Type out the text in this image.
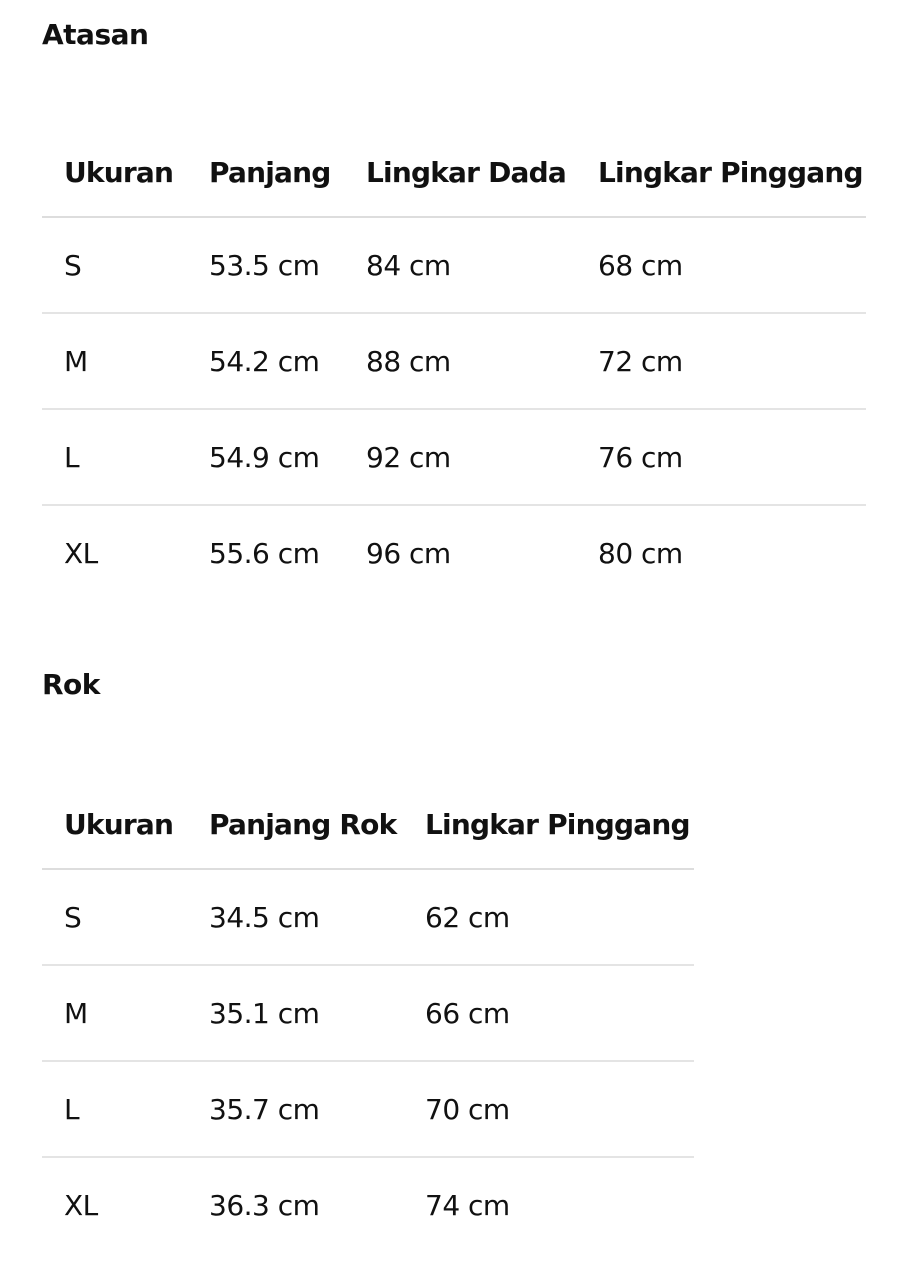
Atasan
Ukuran	Panjang	Lingkar Dada	Lingkar Pinggang
S	53.5 cm	84 cm	68 cm
M	54.2 cm	88 cm	72 cm
L	54.9 cm	92 cm	76 cm
XL	55.6 cm	96 cm	80 cm
Rok
Ukuran	Panjang Rok	Lingkar Pinggang
S	34.5 cm	62 cm
M	35.1 cm	66 cm
L	35.7 cm	70 cm
XL	36.3 cm	74 cm
